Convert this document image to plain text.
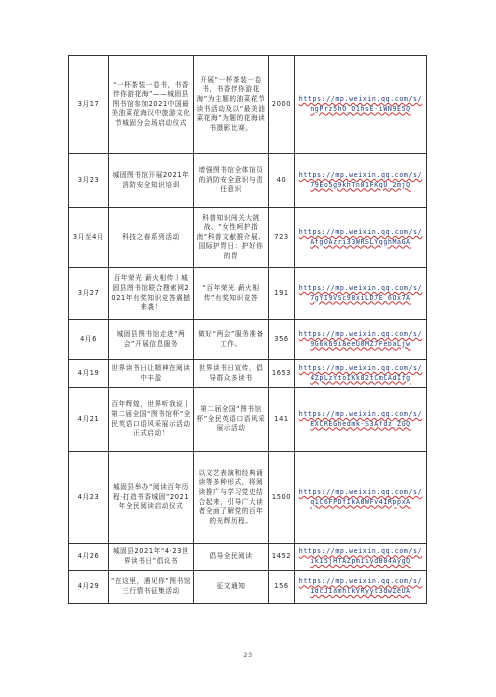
3月17	“一杯茶装一卷书，书香伴你游花海”——城固县图书馆参加2021中国最美油菜花海汉中旅游文化节城固分会场启动仪式	开展“一杯茶装一卷书，书香伴你游花海”为主题的油菜花节读书活动及以“最美油菜花海”为题的花海读书摄影比赛。	2000	https://mp.weixin.qq.com/s/ngPrz5hO_O1hsE-iWN9E5Q
3月23	城固图书馆开展2021年消防安全知识培训	增强图书馆全体馆员的消防安全意识与责任意识	40	https://mp.weixin.qq.com/s/79Eo5g9khTn01FKqU_2mjQ
3月至4月	科技之春系列活动	科普知识闯关大挑战、“女性呵护指南”科普文献推介展、国际护胃日：护好你的胃	723	https://mp.weixin.qq.com/s/AfgOAzri33WRSLYqghMaGA
3月27	百年荣光 薪火相传丨城固县图书馆联合搜索网2021年有奖知识竞答震撼来袭！	“百年荣光 薪火相传”有奖知识竞答	191	https://mp.weixin.qq.com/s/7gYI9VSc98xiLD7E_6Ox7A
4月6	城固县图书馆走进“两会”开展信息服务	做好“两会”服务准备工作。	356	https://mp.weixin.qq.com/s/9G6k69i8eeU8MZ7FebaLjw
4月19	世界读书日让精神在阅读中丰盈	世界读书日宣传，倡导群众多读书	1653	https://mp.weixin.qq.com/s/4ZpLzYtoIKk82tCmCAdIfg
4月21	百年辉煌，世界听我说丨第二届全国“图书馆杯”全民英语口语风采展示活动正式启动！	第二届全国“图书馆杯”全民英语口语风采展示活动	141	https://mp.weixin.qq.com/s/EXCREGhedmk-S3Afdz_ZGQ
4月23	城固县举办“阅读百年历程·打造书香城固”2021年全民阅读启动仪式	以文艺表演和经典诵读等多种形式，将阅读推广与学习党史结合起来，引导广大读者全面了解党的百年的光辉历程。	1500	https://mp.weixin.qq.com/s/q1C6FPDfIkA8WFv4IRppxA
4月26	城固县2021年“4·23世界读书日”倡议书	倡导全民阅读	1452	https://mp.weixin.qq.com/s/ik15jHTAZpmiiydB04AygQ
4月29	“在这里，遇见你”图书馆三行情书征集活动	征文通知	156	https://mp.weixin.qq.com/s/1dcJIamhlkVRyyt3dwZeUA
23
